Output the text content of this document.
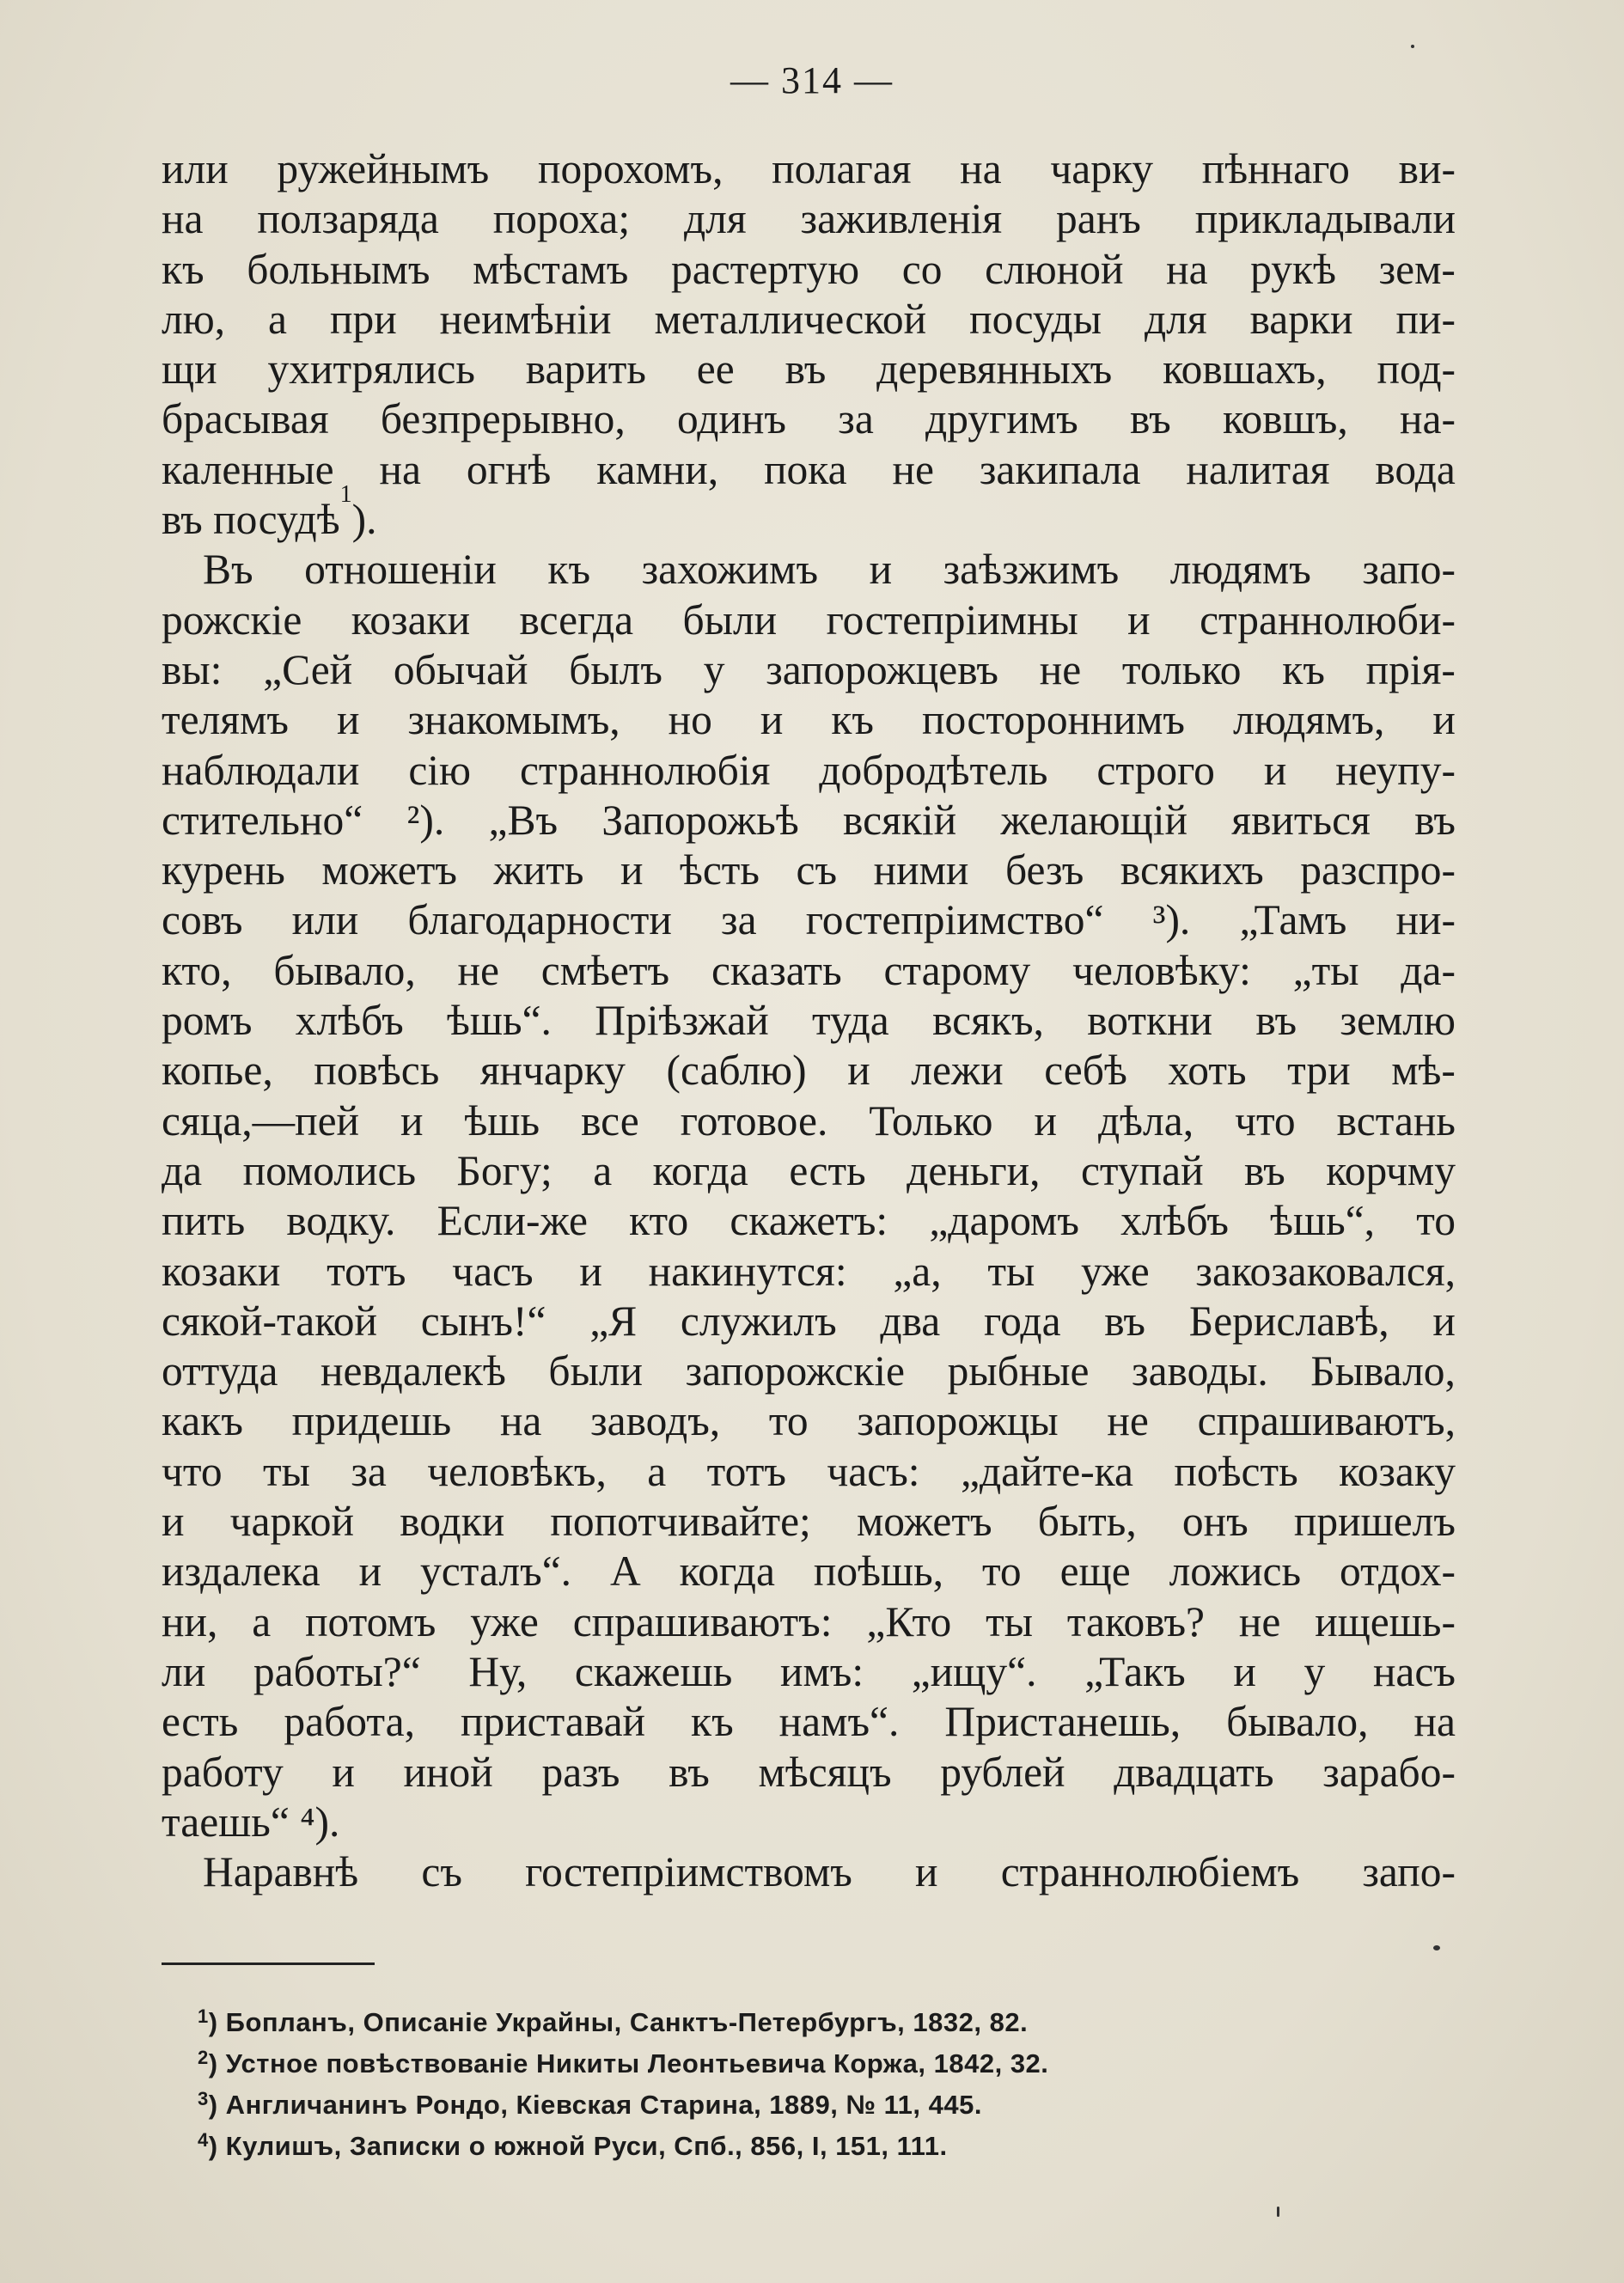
— 314 —
или ружейнымъ порохомъ, полагая на чарку пѣннаго ви-
на ползаряда пороха; для заживленія ранъ прикладывали
къ больнымъ мѣстамъ растертую со слюной на рукѣ зем-
лю, а при неимѣніи металлической посуды для варки пи-
щи ухитрялись варить ее въ деревянныхъ ковшахъ, под-
брасывая безпрерывно, одинъ за другимъ въ ковшъ, на-
каленные на огнѣ камни, пока не закипала налитая вода
въ посудѣ
1
).
Въ отношеніи къ захожимъ и заѣзжимъ людямъ запо-
рожскіе козаки всегда были гостепріимны и страннолюби-
вы: „Сей обычай былъ у запорожцевъ не только къ прія-
телямъ и знакомымъ, но и къ постороннимъ людямъ, и
наблюдали сію страннолюбія добродѣтель строго и неупу-
стительно“ ²). „Въ Запорожьѣ всякій желающій явиться въ
курень можетъ жить и ѣсть съ ними безъ всякихъ разспро-
совъ или благодарности за гостепріимство“ ³). „Тамъ ни-
кто, бывало, не смѣетъ сказать старому человѣку: „ты да-
ромъ хлѣбъ ѣшь“. Пріѣзжай туда всякъ, воткни въ землю
копье, повѣсь янчарку (саблю) и лежи себѣ хоть три мѣ-
сяца,—пей и ѣшь все готовое. Только и дѣла, что встань
да помолись Богу; а когда есть деньги, ступай въ корчму
пить водку. Если-же кто скажетъ: „даромъ хлѣбъ ѣшь“, то
козаки тотъ часъ и накинутся: „а, ты уже закозаковался,
сякой-такой сынъ!“ „Я служилъ два года въ Бериславѣ, и
оттуда невдалекѣ были запорожскіе рыбные заводы. Бывало,
какъ придешь на заводъ, то запорожцы не спрашиваютъ,
что ты за человѣкъ, а тотъ часъ: „дайте-ка поѣсть козаку
и чаркой водки попотчивайте; можетъ быть, онъ пришелъ
издалека и усталъ“. А когда поѣшь, то еще ложись отдох-
ни, а потомъ уже спрашиваютъ: „Кто ты таковъ? не ищешь-
ли работы?“ Ну, скажешь имъ: „ищу“. „Такъ и у насъ
есть работа, приставай къ намъ“. Пристанешь, бывало, на
работу и иной разъ въ мѣсяцъ рублей двадцать зарабо-
таешь“ ⁴).
Наравнѣ съ гостепріимствомъ и страннолюбіемъ запо-
$^1$) Бопланъ, Описаніе Украйны, Санктъ-Петербургъ, 1832, 82.
$^2$) Устное повѣствованіе Никиты Леонтьевича Коржа, 1842, 32.
$^3$) Англичанинъ Рондо, Кіевская Старина, 1889, № 11, 445.
$^4$) Кулишъ, Записки о южной Руси, Спб., 856, I, 151, 111.
